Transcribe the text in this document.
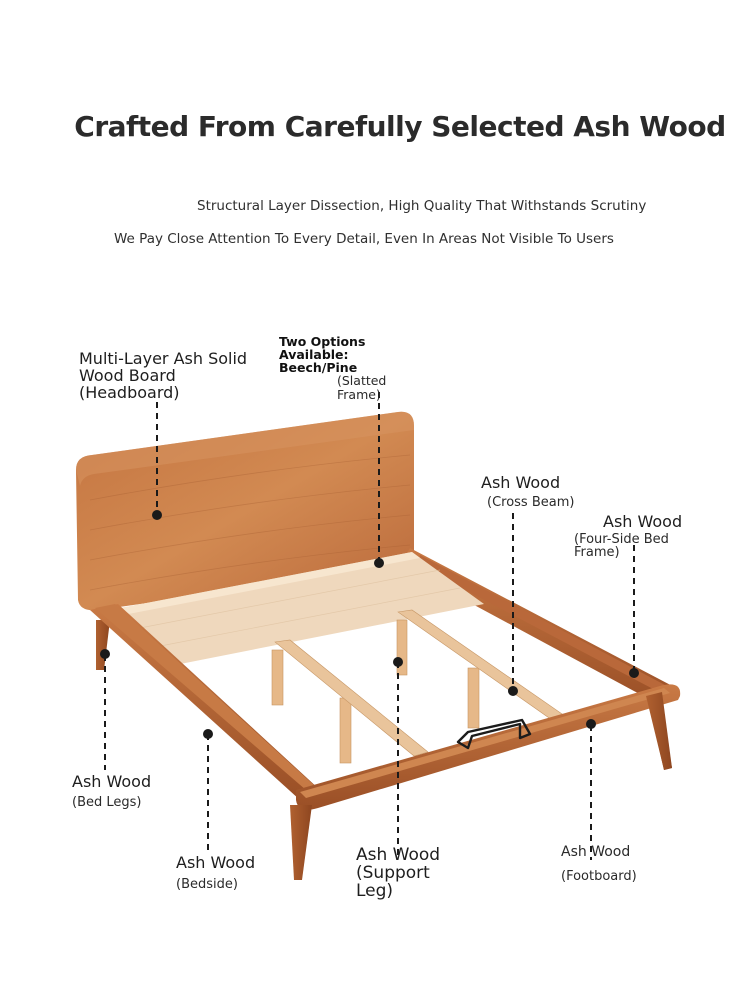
Crafted From Carefully Selected Ash Wood
Structural Layer Dissection, High Quality That Withstands Scrutiny
We Pay Close Attention To Every Detail, Even In Areas Not Visible To Users
Multi-Layer Ash Solid Wood Board
(Headboard)
Two Options Available: Beech/Pine
(Slatted Frame)
Ash Wood
(Cross Beam)
Ash Wood
(Four-Side Bed Frame)
Ash Wood
(Bed Legs)
Ash Wood
(Bedside)
Ash Wood
(Support Leg)
Ash Wood
(Footboard)
